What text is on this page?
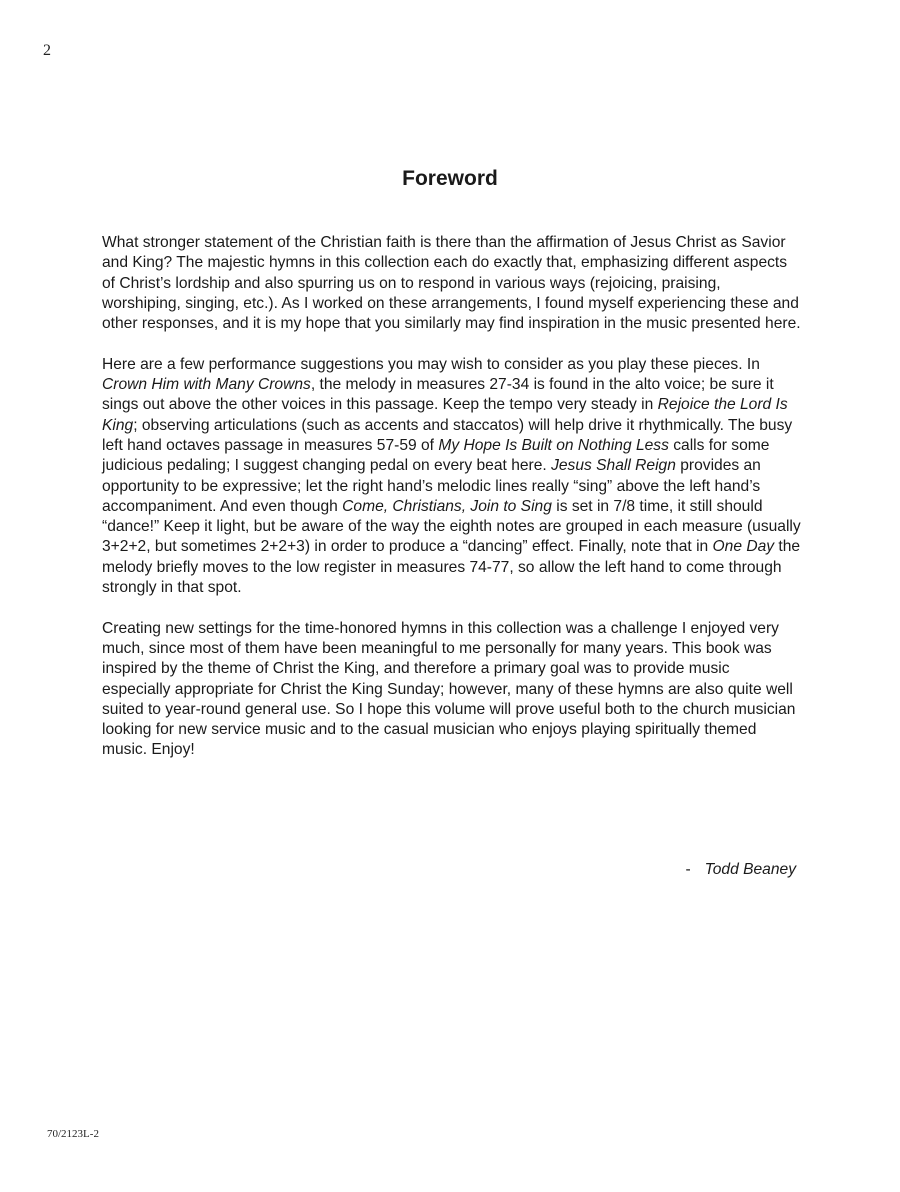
2
Foreword

What stronger statement of the Christian faith is there than the affirmation of Jesus Christ as Savior and King? The majestic hymns in this collection each do exactly that, emphasizing different aspects of Christ’s lordship and also spurring us on to respond in various ways (rejoicing, praising, worshiping, singing, etc.). As I worked on these arrangements, I found myself experiencing these and other responses, and it is my hope that you similarly may find inspiration in the music presented here.

Here are a few performance suggestions you may wish to consider as you play these pieces. In Crown Him with Many Crowns, the melody in measures 27-34 is found in the alto voice; be sure it sings out above the other voices in this passage. Keep the tempo very steady in Rejoice the Lord Is King; observing articulations (such as accents and staccatos) will help drive it rhythmically. The busy left hand octaves passage in measures 57-59 of My Hope Is Built on Nothing Less calls for some judicious pedaling; I suggest changing pedal on every beat here. Jesus Shall Reign provides an opportunity to be expressive; let the right hand’s melodic lines really “sing” above the left hand’s accompaniment. And even though Come, Christians, Join to Sing is set in 7/8 time, it still should “dance!” Keep it light, but be aware of the way the eighth notes are grouped in each measure (usually 3+2+2, but sometimes 2+2+3) in order to produce a “dancing” effect. Finally, note that in One Day the melody briefly moves to the low register in measures 74-77, so allow the left hand to come through strongly in that spot.

Creating new settings for the time-honored hymns in this collection was a challenge I enjoyed very much, since most of them have been meaningful to me personally for many years. This book was inspired by the theme of Christ the King, and therefore a primary goal was to provide music especially appropriate for Christ the King Sunday; however, many of these hymns are also quite well suited to year-round general use. So I hope this volume will prove useful both to the church musician looking for new service music and to the casual musician who enjoys playing spiritually themed music. Enjoy!

- Todd Beaney
70/2123L-2
